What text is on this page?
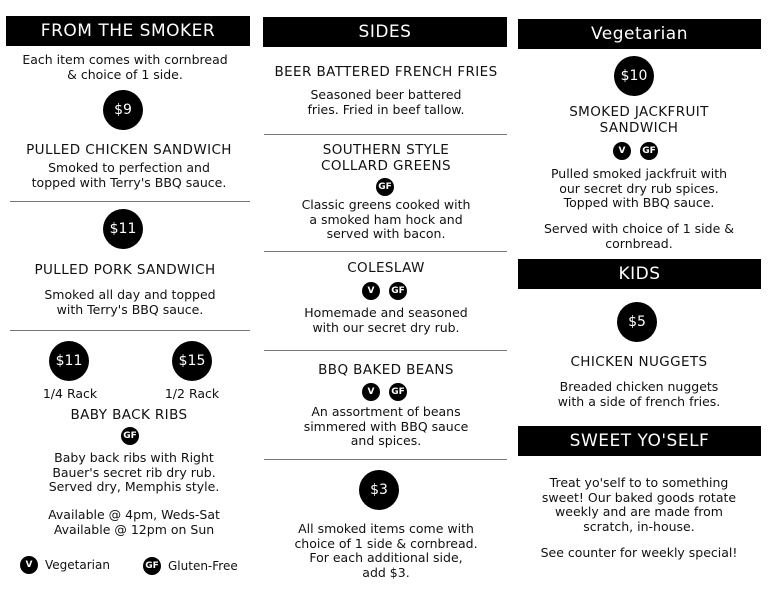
FROM THE SMOKER
Each item comes with cornbread
& choice of 1 side.
$9
PULLED CHICKEN SANDWICH
Smoked to perfection and
topped with Terry's BBQ sauce.
$11
PULLED PORK SANDWICH
Smoked all day and topped
with Terry's BBQ sauce.
$11
1/4 Rack
$15
1/2 Rack
BABY BACK RIBS
GF
Baby back ribs with Right
Bauer's secret rib dry rub.
Served dry, Memphis style.
Available @ 4pm, Weds-Sat
Available @ 12pm on Sun
V	Vegetarian	GF Gluten-Free
SIDES
BEER BATTERED FRENCH FRIES
Seasoned beer battered
fries. Fried in beef tallow.
SOUTHERN STYLE
COLLARD GREENS
GF
Classic greens cooked with
a smoked ham hock and
served with bacon.
COLESLAW
V	GF
Homemade and seasoned
with our secret dry rub.
BBQ BAKED BEANS
V	GF
An assortment of beans
simmered with BBQ sauce
and spices.
$3
All smoked items come with
choice of 1 side & cornbread.
For each additional side,
add $3.
Vegetarian
$10
SMOKED JACKFRUIT
SANDWICH
V	GF
Pulled smoked jackfruit with
our secret dry rub spices.
Topped with BBQ sauce.
Served with choice of 1 side &
cornbread.
KIDS
$5
CHICKEN NUGGETS
Breaded chicken nuggets
with a side of french fries.
SWEET YO'SELF
Treat yo'self to to something
sweet! Our baked goods rotate
weekly and are made from
scratch, in-house.
See counter for weekly special!
